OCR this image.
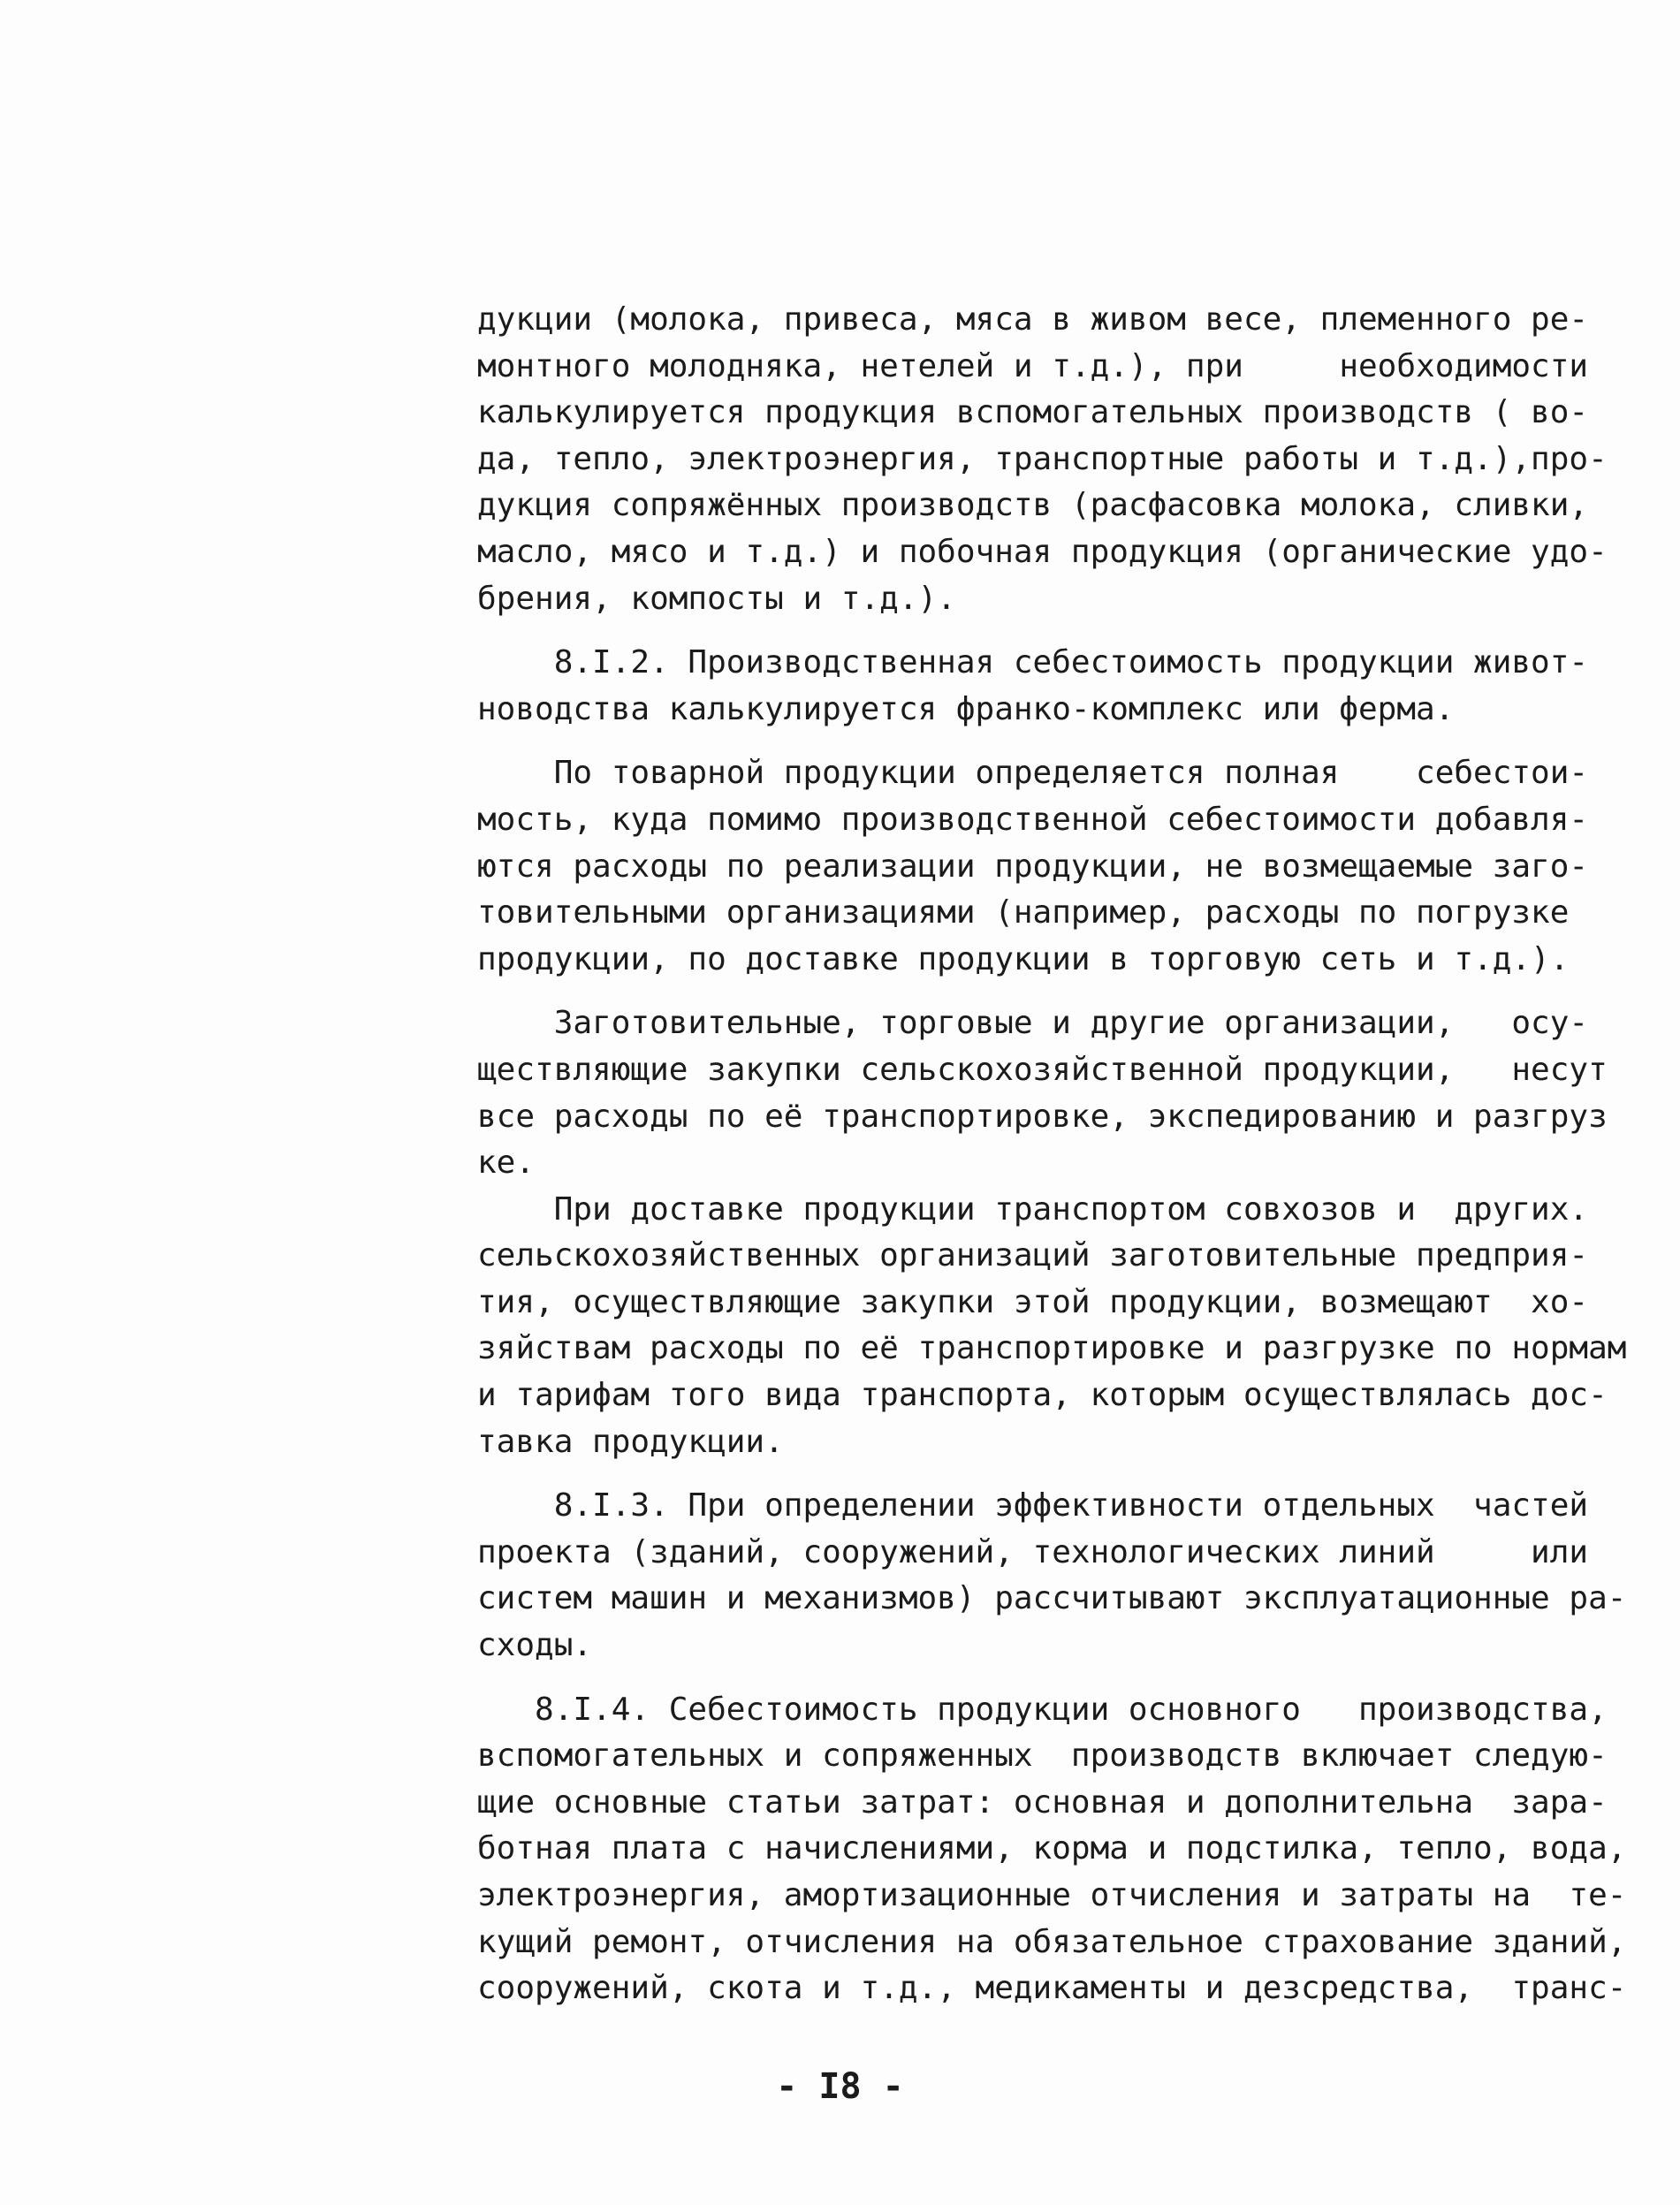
дукции (молока, привеса, мяса в живом весе, племенного ре-
монтного молодняка, нетелей и т.д.), при     необходимости
калькулируется продукция вспомогательных производств ( во-
да, тепло, электроэнергия, транспортные работы и т.д.),про-
дукция сопряжённых производств (расфасовка молока, сливки,
масло, мясо и т.д.) и побочная продукция (органические удо-
брения, компосты и т.д.).
8.I.2. Производственная себестоимость продукции живот-
новодства калькулируется франко-комплекс или ферма.
По товарной продукции определяется полная    себестои-
мость, куда помимо производственной себестоимости добавля-
ются расходы по реализации продукции, не возмещаемые заго-
товительными организациями (например, расходы по погрузке
продукции, по доставке продукции в торговую сеть и т.д.).
Заготовительные, торговые и другие организации,   осу-
ществляющие закупки сельскохозяйственной продукции,   несут
все расходы по её транспортировке, экспедированию и разгруз
ке.
При доставке продукции транспортом совхозов и  других.
сельскохозяйственных организаций заготовительные предприя-
тия, осуществляющие закупки этой продукции, возмещают  хо-
зяйствам расходы по её транспортировке и разгрузке по нормам
и тарифам того вида транспорта, которым осуществлялась дос-
тавка продукции.
8.I.3. При определении эффективности отдельных  частей
проекта (зданий, сооружений, технологических линий     или
систем машин и механизмов) рассчитывают эксплуатационные ра-
сходы.
8.I.4. Себестоимость продукции основного   производства,
вспомогательных и сопряженных  производств включает следую-
щие основные статьи затрат: основная и дополнительна  зара-
ботная плата с начислениями, корма и подстилка, тепло, вода,
электроэнергия, амортизационные отчисления и затраты на  те-
кущий ремонт, отчисления на обязательное страхование зданий,
сооружений, скота и т.д., медикаменты и дезсредства,  транс-
- I8 -
